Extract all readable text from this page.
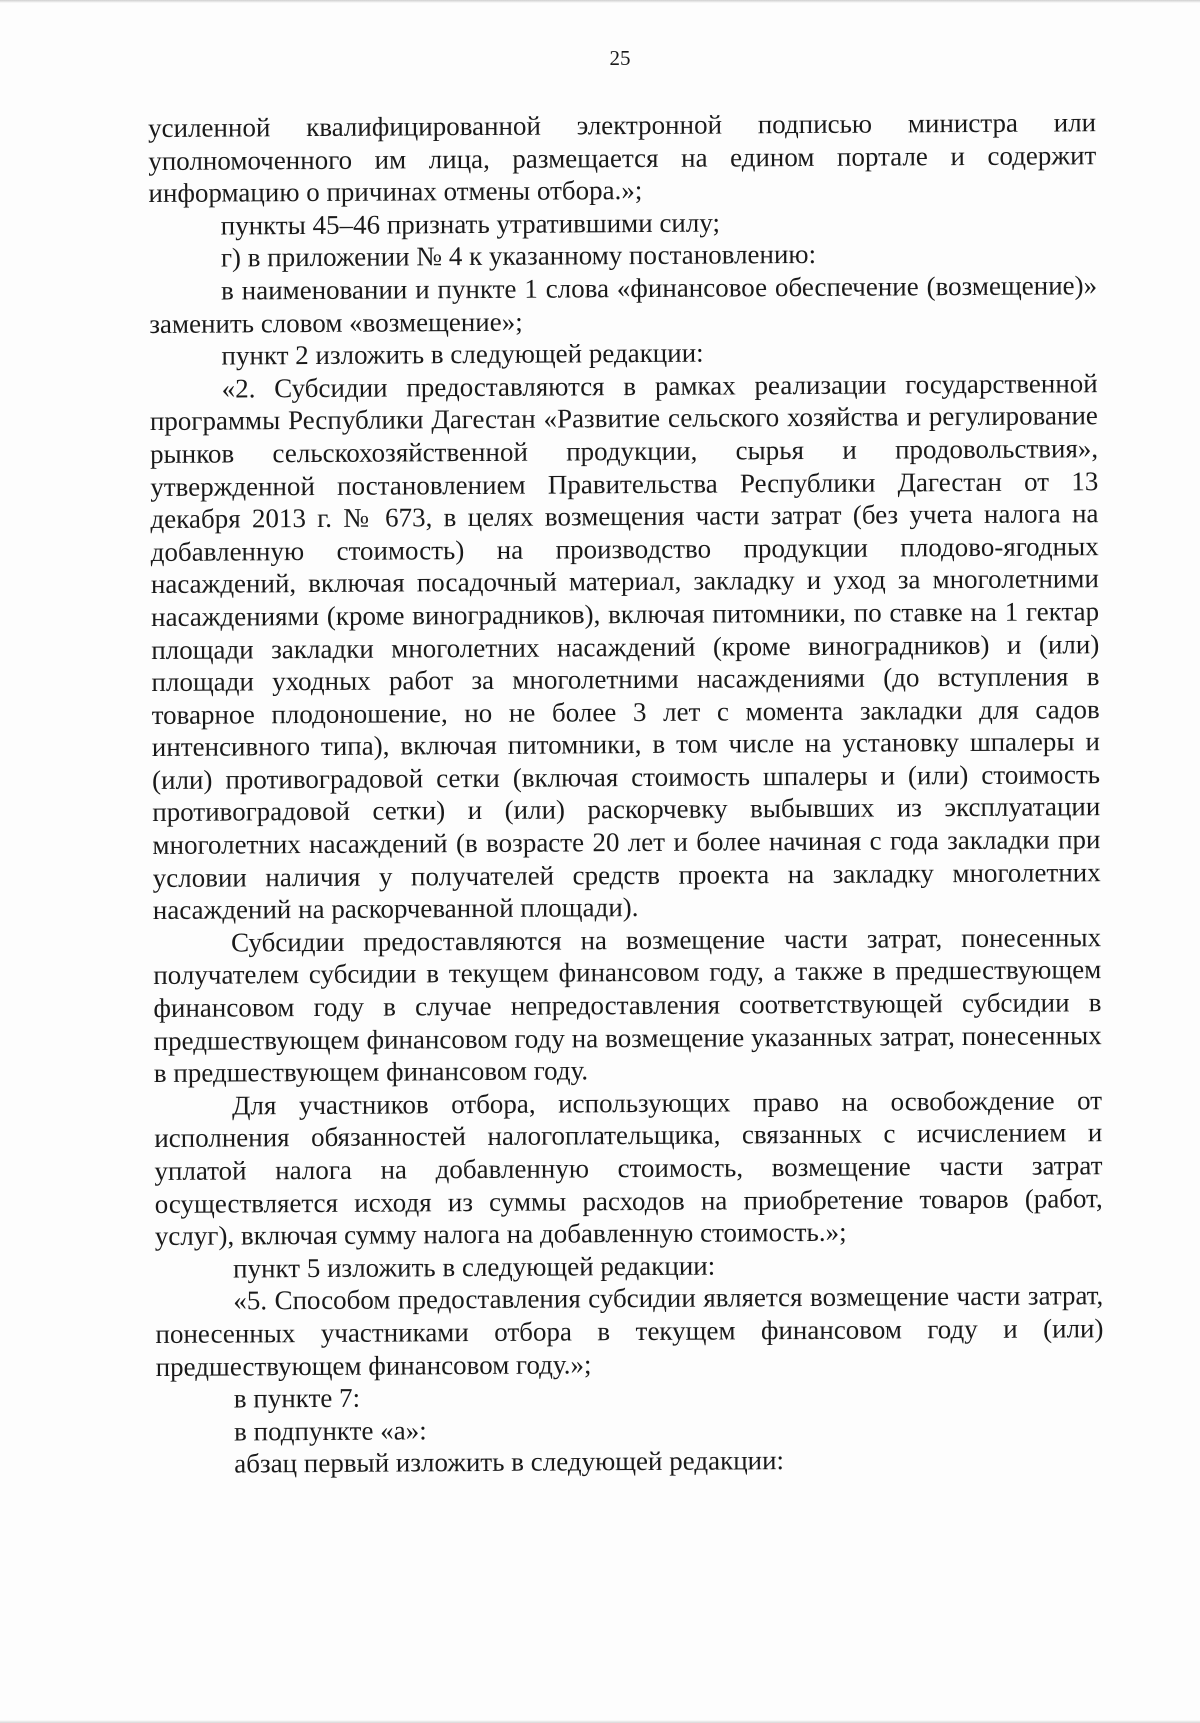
25

усиленной квалифицированной электронной подписью министра или уполномоченного им лица, размещается на едином портале и содержит информацию о причинах отмены отбора.»;

пункты 45–46 признать утратившими силу;

г) в приложении № 4 к указанному постановлению:

в наименовании и пункте 1 слова «финансовое обеспечение (возмещение)» заменить словом «возмещение»;

пункт 2 изложить в следующей редакции:

«2. Субсидии предоставляются в рамках реализации государственной программы Республики Дагестан «Развитие сельского хозяйства и регулирование рынков сельскохозяйственной продукции, сырья и продовольствия», утвержденной постановлением Правительства Республики Дагестан от 13 декабря 2013 г. № 673, в целях возмещения части затрат (без учета налога на добавленную стоимость) на производство продукции плодово-ягодных насаждений, включая посадочный материал, закладку и уход за многолетними насаждениями (кроме виноградников), включая питомники, по ставке на 1 гектар площади закладки многолетних насаждений (кроме виноградников) и (или) площади уходных работ за многолетними насаждениями (до вступления в товарное плодоношение, но не более 3 лет с момента закладки для садов интенсивного типа), включая питомники, в том числе на установку шпалеры и (или) противоградовой сетки (включая стоимость шпалеры и (или) стоимость противоградовой сетки) и (или) раскорчевку выбывших из эксплуатации многолетних насаждений (в возрасте 20 лет и более начиная с года закладки при условии наличия у получателей средств проекта на закладку многолетних насаждений на раскорчеванной площади).

Субсидии предоставляются на возмещение части затрат, понесенных получателем субсидии в текущем финансовом году, а также в предшествующем финансовом году в случае непредоставления соответствующей субсидии в предшествующем финансовом году на возмещение указанных затрат, понесенных в предшествующем финансовом году.

Для участников отбора, использующих право на освобождение от исполнения обязанностей налогоплательщика, связанных с исчислением и уплатой налога на добавленную стоимость, возмещение части затрат осуществляется исходя из суммы расходов на приобретение товаров (работ, услуг), включая сумму налога на добавленную стоимость.»;

пункт 5 изложить в следующей редакции:

«5. Способом предоставления субсидии является возмещение части затрат, понесенных участниками отбора в текущем финансовом году и (или) предшествующем финансовом году.»;

в пункте 7:

в подпункте «а»:

абзац первый изложить в следующей редакции:
